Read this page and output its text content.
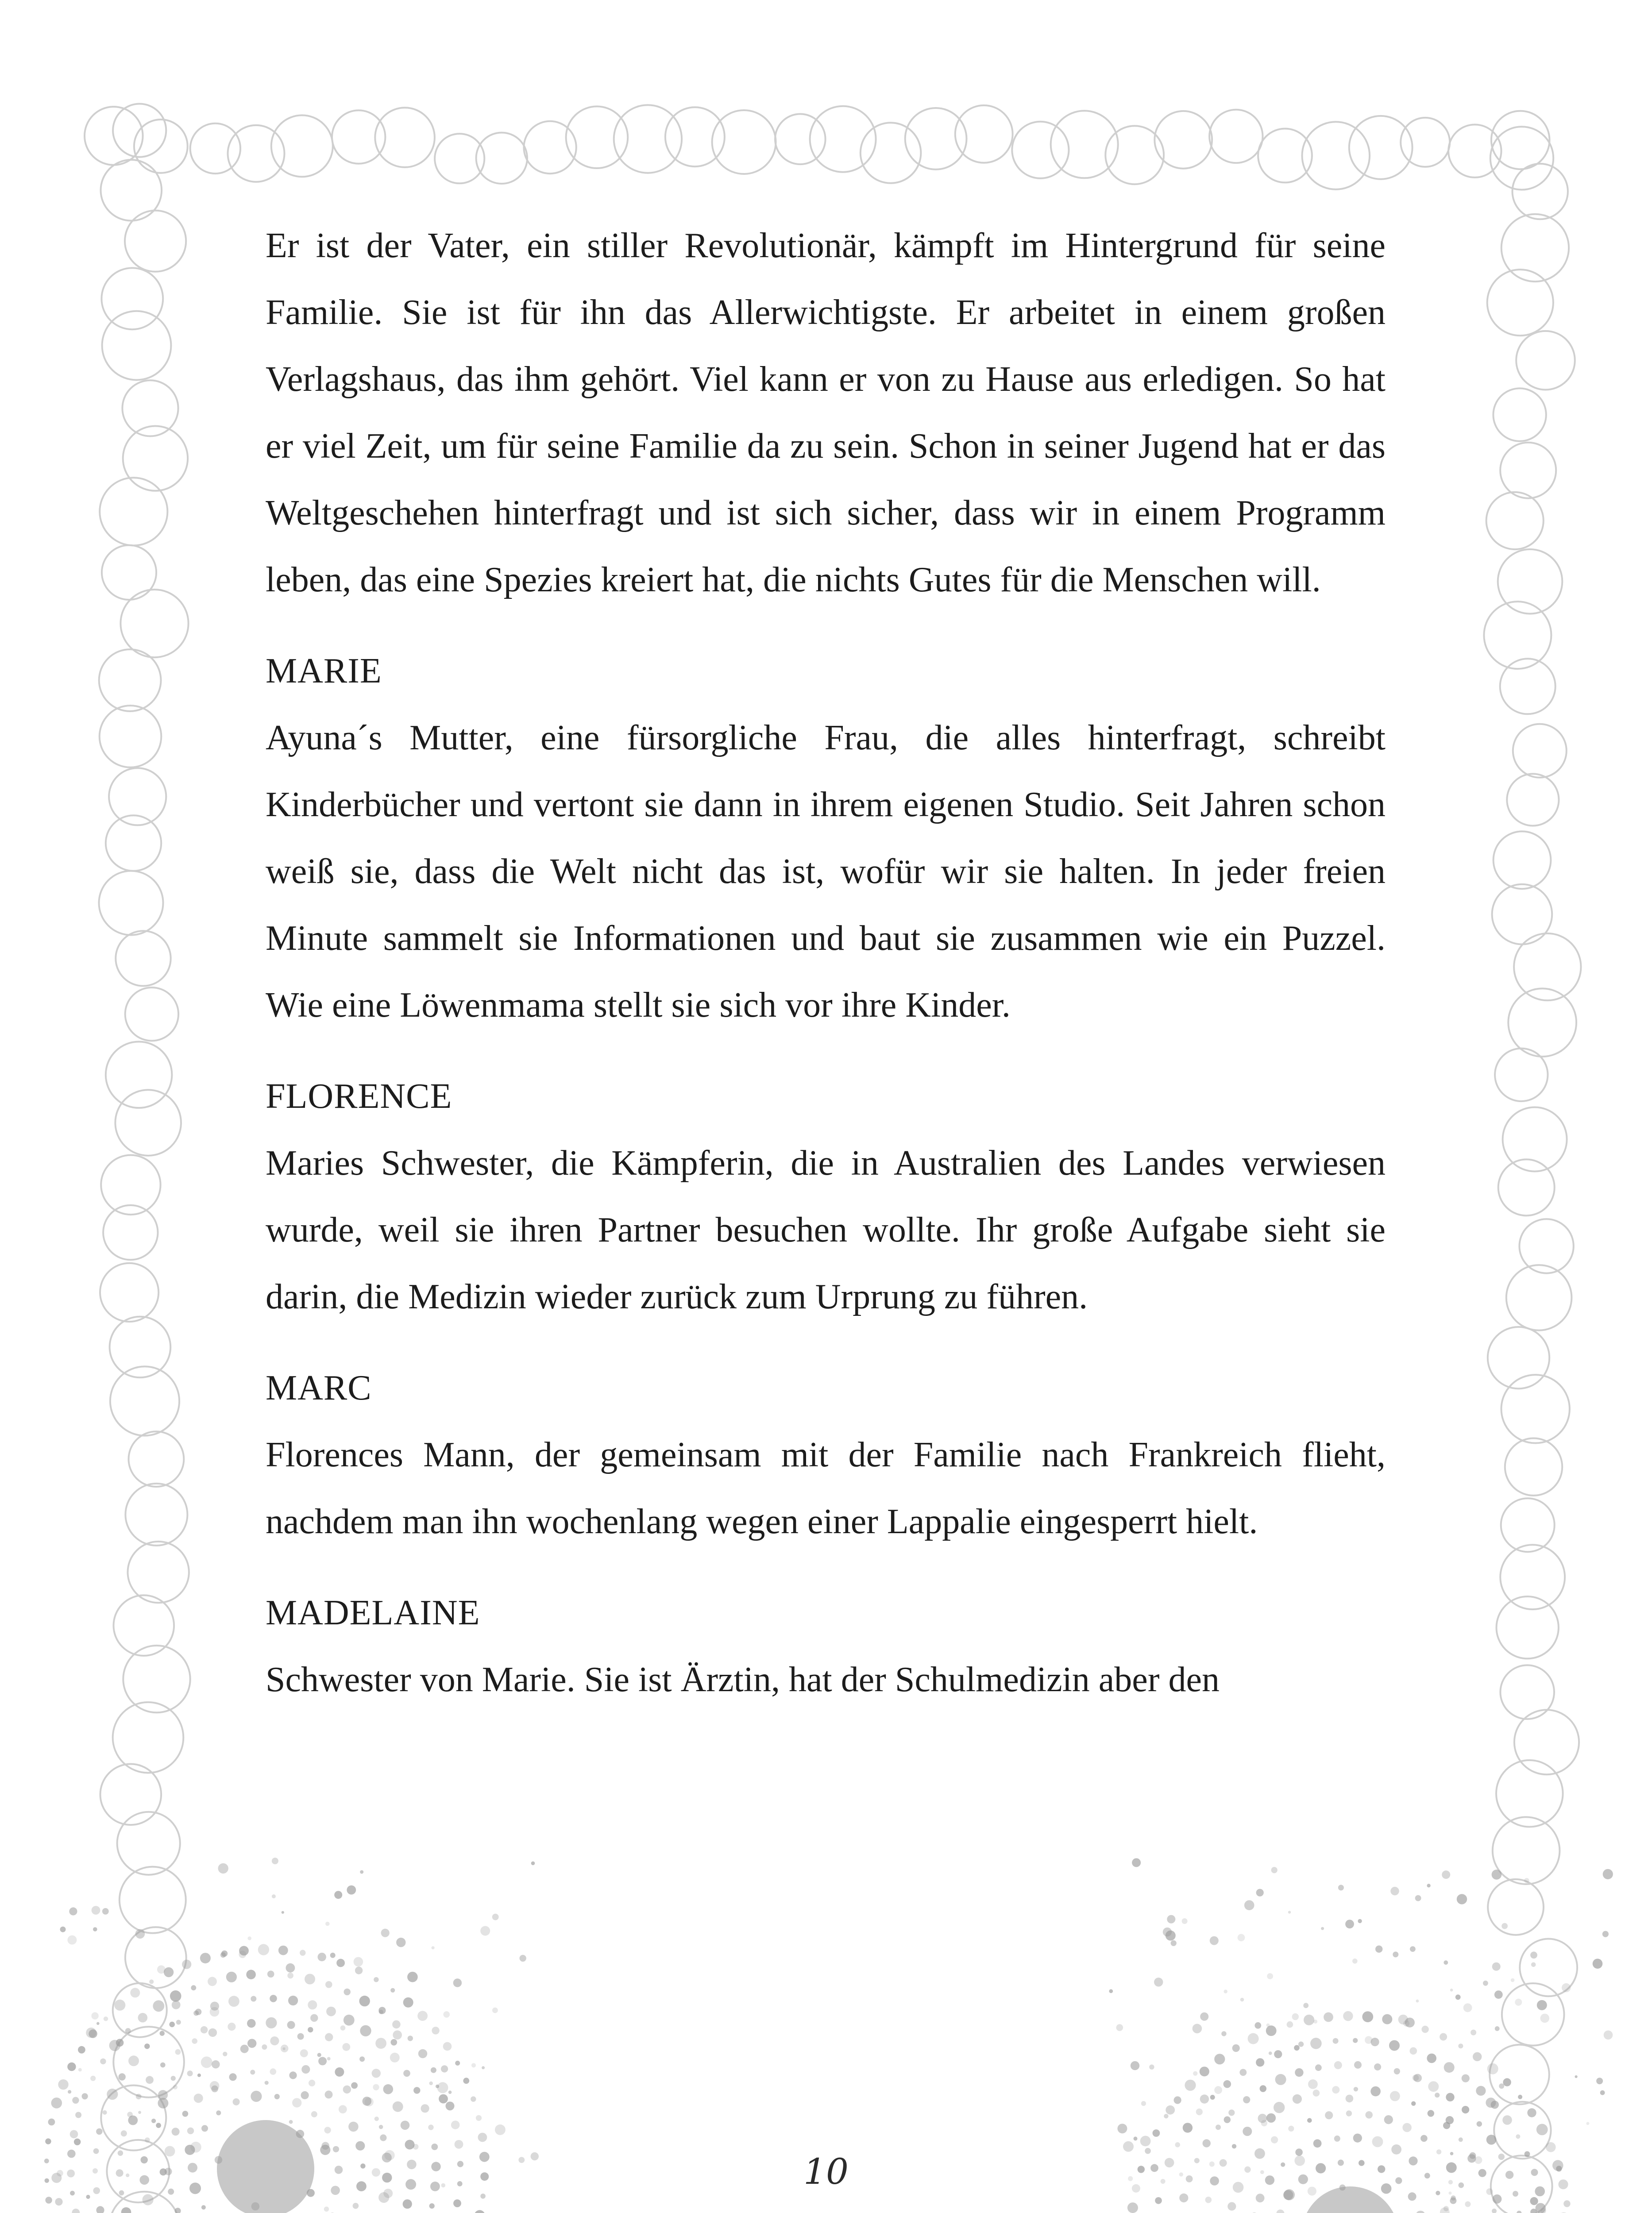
Er ist der Vater, ein stiller Revolutionär, kämpft im Hintergrund für seine Familie. Sie ist für ihn das Allerwichtigste. Er arbeitet in einem großen Verlagshaus, das ihm gehört. Viel kann er von zu Hause aus erledigen. So hat er viel Zeit, um für seine Familie da zu sein. Schon in seiner Jugend hat er das Weltgeschehen hinterfragt und ist sich sicher, dass wir in einem Programm leben, das eine Spezies kreiert hat, die nichts Gutes für die Menschen will.

MARIE

Ayuna´s Mutter, eine fürsorgliche Frau, die alles hinterfragt, schreibt Kinderbücher und vertont sie dann in ihrem eigenen Studio. Seit Jahren schon weiß sie, dass die Welt nicht das ist, wofür wir sie halten. In jeder freien Minute sammelt sie Informationen und baut sie zusammen wie ein Puzzel. Wie eine Löwenmama stellt sie sich vor ihre Kinder.

FLORENCE

Maries Schwester, die Kämpferin, die in Australien des Landes verwiesen wurde, weil sie ihren Partner besuchen wollte. Ihr große Aufgabe sieht sie darin, die Medizin wieder zurück zum Urprung zu führen.

MARC

Florences Mann, der gemeinsam mit der Familie nach Frankreich flieht, nachdem man ihn wochenlang wegen einer Lappalie eingesperrt hielt.

MADELAINE

Schwester von Marie. Sie ist Ärztin, hat der Schulmedizin aber den

10
